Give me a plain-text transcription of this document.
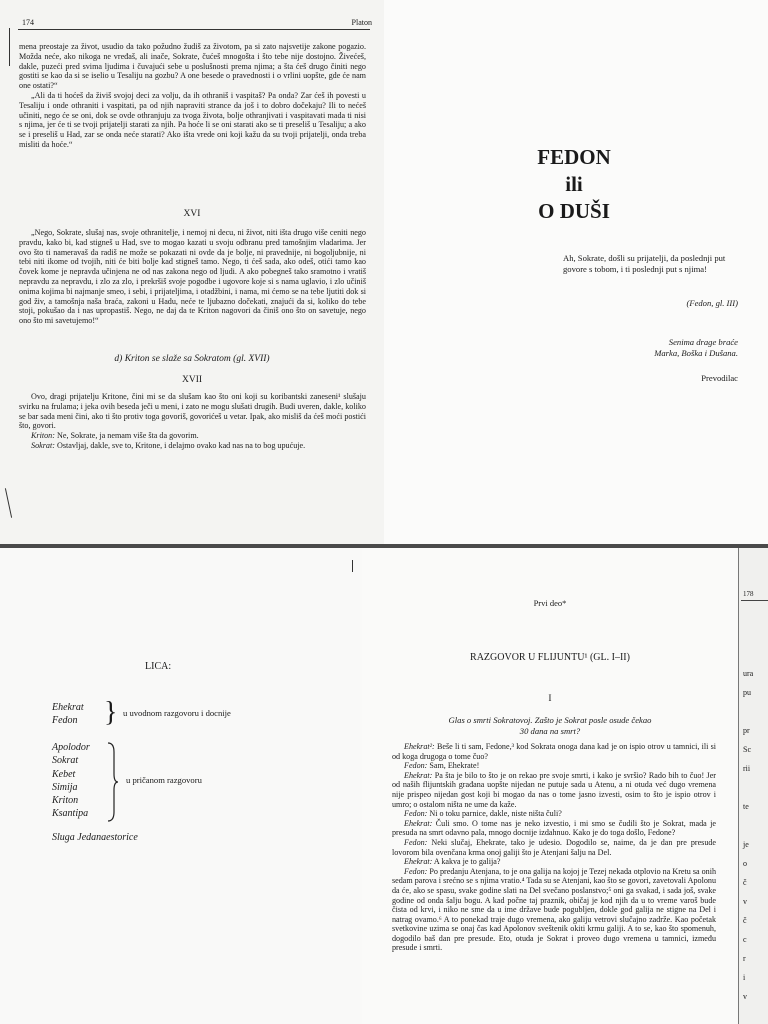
174	Platon

mena preostaje za život, usudio da tako požudno žudiš za životom, pa si zato najsvetije zakone pogazio. Možda neće, ako nikoga ne vređaš, ali inače, Sokrate, čućeš mnogošta i što tebe nije dostojno. Živećeš, dakle, puzeći pred svima ljudima i čuvajući sebe u poslušnosti prema njima; a šta ćeš drugo činiti nego gostiti se kao da si se iselio u Tesaliju na gozbu? A one besede o pravednosti i o vrlini uopšte, gde će nam one ostati?“

„Ali da ti hoćeš da živiš svojoj deci za volju, da ih othraniš i vaspitaš? Pa onda? Zar ćeš ih povesti u Tesaliju i onde othraniti i vaspitati, pa od njih napraviti strance da još i to dobro dočekaju? Ili to nećeš učiniti, nego će se oni, dok se ovde othranjuju za tvoga života, bolje othranjivati i vaspitavati mada ti nisi s njima, jer će ti se tvoji prijatelji starati za njih. Pa hoće li se oni starati ako se ti preseliš u Tesaliju; a ako se i preseliš u Had, zar se onda neće starati? Ako išta vrede oni koji kažu da su tvoji prijatelji, onda treba misliti da hoće.“

XVI

„Nego, Sokrate, slušaj nas, svoje othranitelje, i nemoj ni decu, ni život, niti išta drugo više ceniti nego pravdu, kako bi, kad stigneš u Had, sve to mogao kazati u svoju odbranu pred tamošnjim vladarima. Jer ovo što ti nameravaš da radiš ne može se pokazati ni ovde da je bolje, ni pravednije, ni bogoljubnije, ni tebi niti ikome od tvojih, niti će biti bolje kad stigneš tamo. Nego, ti ćeš sada, ako odeš, otići tamo kao čovek kome je nepravda učinjena ne od nas zakona nego od ljudi. A ako pobegneš tako sramotno i vratiš nepravdu za nepravdu, i zlo za zlo, i prekršiš svoje pogodbe i ugovore koje si s nama uglavio, i zlo učiniš onima kojima bi najmanje smeo, i sebi, i prijateljima, i otadžbini, i nama, mi ćemo se na tebe ljutiti dok si god živ, a tamošnja naša braća, zakoni u Hadu, neće te ljubazno dočekati, znajući da si, koliko do tebe stoji, pokušao da i nas upropastiš. Nego, ne daj da te Kriton nagovori da činiš ono što on savetuje, nego ono što mi savetujemo!“

d) Kriton se slaže sa Sokratom (gl. XVII)
XVII

Ovo, dragi prijatelju Kritone, čini mi se da slušam kao što oni koji su koribantski zaneseni¹ slušaju svirku na frulama; i jeka ovih beseda ječi u meni, i zato ne mogu slušati drugih. Budi uveren, dakle, koliko se bar sada meni čini, ako ti što protiv toga govoriš, govorićeš u vetar. Ipak, ako misliš da ćeš moći postići što, govori.

Kriton: Ne, Sokrate, ja nemam više šta da govorim.

Sokrat: Ostavljaj, dakle, sve to, Kritone, i delajmo ovako kad nas na to bog upućuje.

FEDON
ili
O DUŠI
Ah, Sokrate, došli su prijatelji, da poslednji put govore s tobom, i ti poslednji put s njima!
(Fedon, gl. III)
Senima drage braće
Marka, Boška i Dušana.
Prevodilac
LICA:
Ehekrat
Fedon } u uvodnom razgovoru i docnije
Apolodor
Sokrat
Kebet
Simija
Kriton
Ksantipa
u pričanom razgovoru
Sluga Jedanaestorice
Prvi deo*
RAZGOVOR U FLIJUNTU¹ (GL. I–II)
I
Glas o smrti Sokratovoj. Zašto je Sokrat posle osude čekao
30 dana na smrt?

Ehekrat²: Beše li ti sam, Fedone,³ kod Sokrata onoga dana kad je on ispio otrov u tamnici, ili si od koga drugoga o tome čuo?

Fedon: Sam, Ehekrate!

Ehekrat: Pa šta je bilo to što je on rekao pre svoje smrti, i kako je svršio? Rado bih to čuo! Jer od naših flijuntskih građana uopšte nijedan ne putuje sada u Atenu, a ni otuda već dugo vremena nije prispeo nijedan gost koji bi mogao da nas o tome jasno izvesti, osim to što je ispio otrov i umro; o ostalom ništa ne ume da kaže.

Fedon: Ni o toku parnice, dakle, niste ništa čuli?

Ehekrat: Čuli smo. O tome nas je neko izvestio, i mi smo se čudili što je Sokrat, mada je presuda na smrt odavno pala, mnogo docnije izdahnuo. Kako je do toga došlo, Fedone?

Fedon: Neki slučaj, Ehekrate, tako je udesio. Dogodilo se, naime, da je dan pre presude lovorom bila ovenčana krma onoj galiji što je Atenjani šalju na Del.

Ehekrat: A kakva je to galija?

Fedon: Po predanju Atenjana, to je ona galija na kojoj je Tezej nekada otplovio na Kretu sa onih sedam parova i srećno se s njima vratio.⁴ Tada su se Atenjani, kao što se govori, zavetovali Apolonu da će, ako se spasu, svake godine slati na Del svečano poslanstvo;⁵ oni ga svakad, i sada još, svake godine od onda šalju bogu. A kad počne taj praznik, običaj je kod njih da u to vreme varoš bude čista od krvi, i niko ne sme da u ime države bude pogubljen, dokle god galija ne stigne na Del i natrag ovamo.⁶ A to ponekad traje dugo vremena, ako galiju vetrovi slučajno zadrže. Kao početak svetkovine uzima se onaj čas kad Apolonov sveštenik okiti krmu galiji. A to se, kao što spomenuh, dogodilo baš dan pre presude. Eto, otuda je Sokrat i proveo dugo vremena u tamnici, između presude i smrti.

178
ura
pu

pr
Sc
rii

te

je
o
č
v
č
c
r
i
v
